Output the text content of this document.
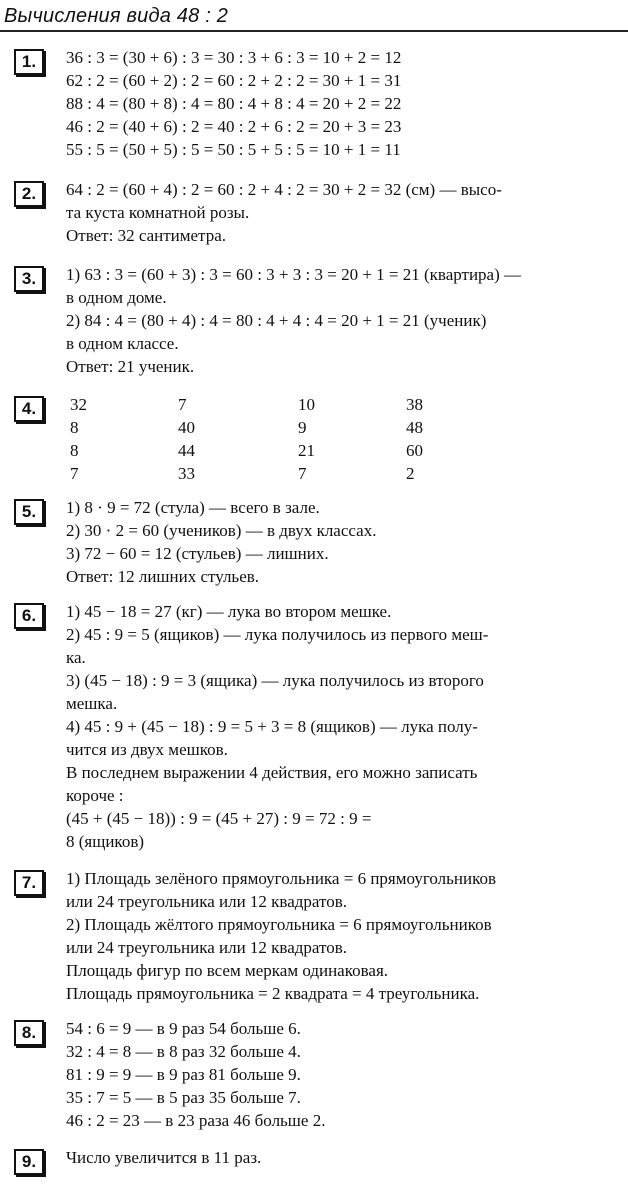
Вычисления вида 48 : 2
1.	36 : 3 = (30 + 6) : 3 = 30 : 3 + 6 : 3 = 10 + 2 = 12
62 : 2 = (60 + 2) : 2 = 60 : 2 + 2 : 2 = 30 + 1 = 31
88 : 4 = (80 + 8) : 4 = 80 : 4 + 8 : 4 = 20 + 2 = 22
46 : 2 = (40 + 6) : 2 = 40 : 2 + 6 : 2 = 20 + 3 = 23
55 : 5 = (50 + 5) : 5 = 50 : 5 + 5 : 5 = 10 + 1 = 11
2.	64 : 2 = (60 + 4) : 2 = 60 : 2 + 4 : 2 = 30 + 2 = 32 (см) — высо-
та куста комнатной розы.
Ответ: 32 сантиметра.
3.	1) 63 : 3 = (60 + 3) : 3 = 60 : 3 + 3 : 3 = 20 + 1 = 21 (квартира) —
в одном доме.
2) 84 : 4 = (80 + 4) : 4 = 80 : 4 + 4 : 4 = 20 + 1 = 21 (ученик)
в одном классе.
Ответ: 21 ученик.
4.	32	7	10	38
8	40	9	48
8	44	21	60
7	33	7	2
5.	1) 8 · 9 = 72 (стула) — всего в зале.
2) 30 · 2 = 60 (учеников) — в двух классах.
3) 72 − 60 = 12 (стульев) — лишних.
Ответ: 12 лишних стульев.
6.	1) 45 − 18 = 27 (кг) — лука во втором мешке.
2) 45 : 9 = 5 (ящиков) — лука получилось из первого меш-
ка.
3) (45 − 18) : 9 = 3 (ящика) — лука получилось из второго
мешка.
4) 45 : 9 + (45 − 18) : 9 = 5 + 3 = 8 (ящиков) — лука полу-
чится из двух мешков.
В последнем выражении 4 действия, его можно записать
короче :
(45 + (45 − 18)) : 9 = (45 + 27) : 9 = 72 : 9 =
8 (ящиков)
7.	1) Площадь зелёного прямоугольника = 6 прямоугольников
или 24 треугольника или 12 квадратов.
2) Площадь жёлтого прямоугольника = 6 прямоугольников
или 24 треугольника или 12 квадратов.
Площадь фигур по всем меркам одинаковая.
Площадь прямоугольника = 2 квадрата = 4 треугольника.
8.	54 : 6 = 9 — в 9 раз 54 больше 6.
32 : 4 = 8 — в 8 раз 32 больше 4.
81 : 9 = 9 — в 9 раз 81 больше 9.
35 : 7 = 5 — в 5 раз 35 больше 7.
46 : 2 = 23 — в 23 раза 46 больше 2.
9.	Число увеличится в 11 раз.
